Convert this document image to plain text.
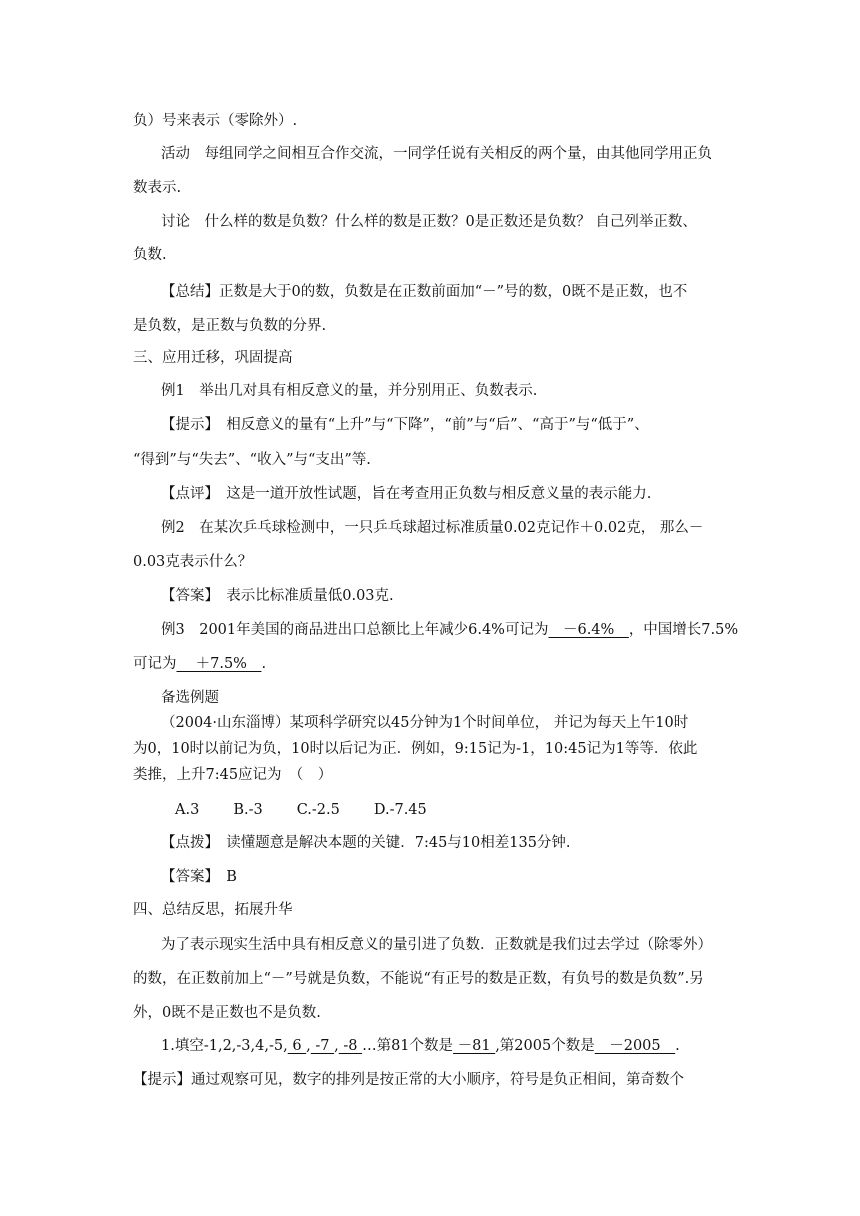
负）号来表示（零除外）.
活动　每组同学之间相互合作交流，一同学任说有关相反的两个量，由其他同学用正负
数表示.
讨论　什么样的数是负数？什么样的数是正数？0是正数还是负数？ 自己列举正数、
负数.
【总结】正数是大于0的数，负数是在正数前面加“－”号的数，0既不是正数，也不
是负数，是正数与负数的分界.
三、应用迁移，巩固提高
例1　举出几对具有相反意义的量，并分别用正、负数表示.
【提示】　相反意义的量有“上升”与“下降”，“前”与“后”、“高于”与“低于”、
“得到”与“失去”、“收入”与“支出”等.
【点评】　这是一道开放性试题，旨在考查用正负数与相反意义量的表示能力.
例2　在某次乒乓球检测中，一只乒乓球超过标准质量0.02克记作＋0.02克， 那么－
0.03克表示什么？
【答案】　表示比标准质量低0.03克.
例3　2001年美国的商品进出口总额比上年减少6.4%可记为　－6.4%　，中国增长7.5%
可记为　 ＋7.5%　.
备选例题
（2004·山东淄博）某项科学研究以45分钟为1个时间单位， 并记为每天上午10时
为0，10时以前记为负，10时以后记为正．例如，9:15记为-1，10:45记为1等等．依此
类推，上升7:45应记为　（　）
A.3 B.-3 C.-2.5 D.-7.45
【点拨】　读懂题意是解决本题的关键．7:45与10相差135分钟.
【答案】　B
四、总结反思，拓展升华
为了表示现实生活中具有相反意义的量引进了负数．正数就是我们过去学过（除零外）
的数，在正数前加上“－”号就是负数，不能说“有正号的数是正数，有负号的数是负数”.另
外，0既不是正数也不是负数.
1.填空-1,2,-3,4,-5, 6 , -7 , -8 …第81个数是 －81 ,第2005个数是　－2005　.
【提示】通过观察可见，数字的排列是按正常的大小顺序，符号是负正相间，第奇数个
